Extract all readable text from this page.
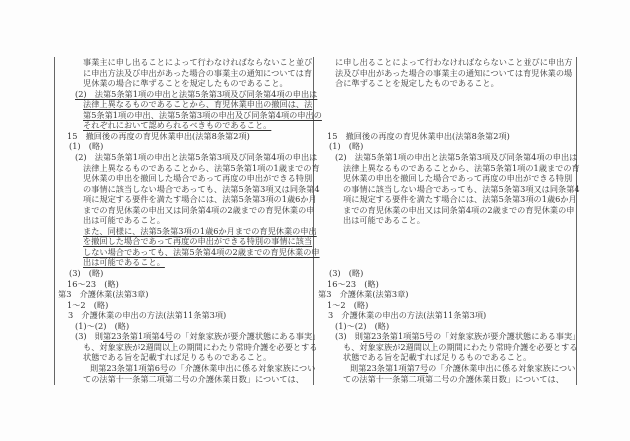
事業主に申し出ることによって行わなければならないこと並び
に申出方法及び申出があった場合の事業主の通知については育
児休業の場合に準ずることを規定したものであること。
(2)　法第5条第1項の申出と法第5条第3項及び同条第4項の申出は
法律上異なるものであることから、育児休業申出の撤回は、法
第5条第1項の申出、法第5条第3項の申出及び同条第4項の申出の
それぞれにおいて認められるべきものであること。
15　撤回後の再度の育児休業申出(法第8条第2項)
(1)　(略)
(2)　法第5条第1項の申出と法第5条第3項及び同条第4項の申出は
法律上異なるものであることから、法第5条第1項の1歳までの育
児休業の申出を撤回した場合であって再度の申出ができる特別
の事情に該当しない場合であっても、法第5条第3項又は同条第4
項に規定する要件を満たす場合には、法第5条第3項の1歳6か月
までの育児休業の申出又は同条第4項の2歳までの育児休業の申
出は可能であること。
また、同様に、法第5条第3項の1歳6か月までの育児休業の申出
を撤回した場合であって再度の申出ができる特別の事情に該当
しない場合であっても、法第5条第4項の2歳までの育児休業の申
出は可能であること。
(3)　(略)
16～23　(略)
第3　介護休業(法第3章)
1～2　(略)
3　介護休業の申出の方法(法第11条第3項)
(1)～(2)　(略)
(3)　則第23条第1項第4号の「対象家族が要介護状態にある事実」
も、対象家族が2週間以上の期間にわたり常時介護を必要とする
状態である旨を記載すれば足りるものであること。
則第23条第1項第6号の「介護休業申出に係る対象家族につい
ての法第十一条第二項第二号の介護休業日数」については、
に申し出ることによって行わなければならないこと並びに申出方
法及び申出があった場合の事業主の通知については育児休業の場
合に準ずることを規定したものであること。
15　撤回後の再度の育児休業申出(法第8条第2項)
(1)　(略)
(2)　法第5条第1項の申出と法第5条第3項及び同条第4項の申出は
法律上異なるものであることから、法第5条第1項の1歳までの育
児休業の申出を撤回した場合であって再度の申出ができる特別
の事情に該当しない場合であっても、法第5条第3項又は同条第4
項に規定する要件を満たす場合には、法第5条第3項の1歳6か月
までの育児休業の申出又は同条第4項の2歳までの育児休業の申
出は可能であること。
(3)　(略)
16～23　(略)
第3　介護休業(法第3章)
1～2　(略)
3　介護休業の申出の方法(法第11条第3項)
(1)～(2)　(略)
(3)　則第23条第1項第5号の「対象家族が要介護状態にある事実」
も、対象家族が2週間以上の期間にわたり常時介護を必要とする
状態である旨を記載すれば足りるものであること。
則第23条第1項第7号の「介護休業申出に係る対象家族につい
ての法第十一条第二項第二号の介護休業日数」については、
